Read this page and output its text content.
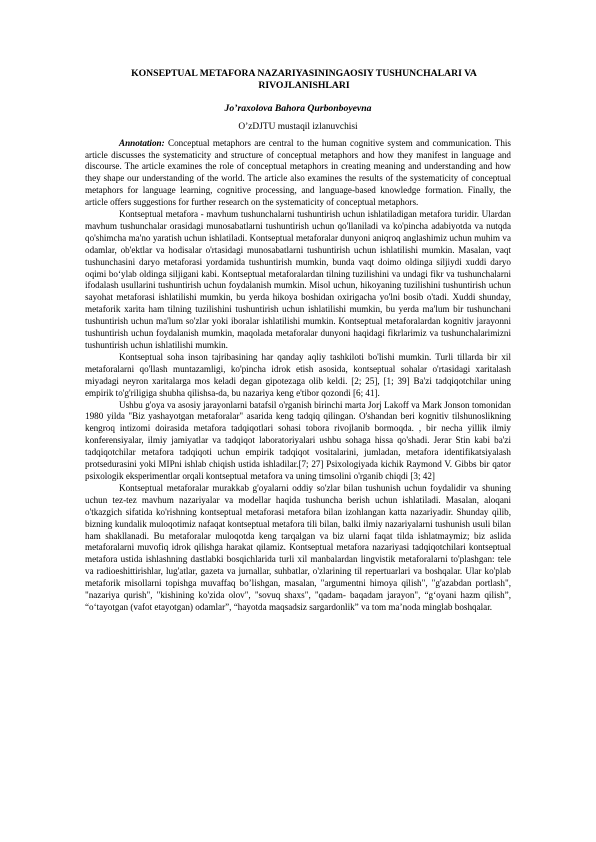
KONSEPTUAL METAFORA NAZARIYASININGAOSIY TUSHUNCHALARI VA RIVOJLANISHLARI
Jo’raxolova Bahora Qurbonboyevna
O’zDJTU mustaqil izlanuvchisi

Annotation: Conceptual metaphors are central to the human cognitive system and communication. This article discusses the systematicity and structure of conceptual metaphors and how they manifest in language and discourse. The article examines the role of conceptual metaphors in creating meaning and understanding and how they shape our understanding of the world. The article also examines the results of the systematicity of conceptual metaphors for language learning, cognitive processing, and language-based knowledge formation. Finally, the article offers suggestions for further research on the systematicity of conceptual metaphors.

Kontseptual metafora - mavhum tushunchalarni tushuntirish uchun ishlatiladigan metafora turidir. Ulardan mavhum tushunchalar orasidagi munosabatlarni tushuntirish uchun qo'llaniladi va ko'pincha adabiyotda va nutqda qo'shimcha ma'no yaratish uchun ishlatiladi. Kontseptual metaforalar dunyoni aniqroq anglashimiz uchun muhim va odamlar, ob'ektlar va hodisalar o'rtasidagi munosabatlarni tushuntirish uchun ishlatilishi mumkin. Masalan, vaqt tushunchasini daryo metaforasi yordamida tushuntirish mumkin, bunda vaqt doimo oldinga siljiydi xuddi daryo oqimi bo‘ylab oldinga siljigani kabi. Kontseptual metaforalardan tilning tuzilishini va undagi fikr va tushunchalarni ifodalash usullarini tushuntirish uchun foydalanish mumkin. Misol uchun, hikoyaning tuzilishini tushuntirish uchun sayohat metaforasi ishlatilishi mumkin, bu yerda hikoya boshidan oxirigacha yo'lni bosib o'tadi. Xuddi shunday, metaforik xarita ham tilning tuzilishini tushuntirish uchun ishlatilishi mumkin, bu yerda ma'lum bir tushunchani tushuntirish uchun ma'lum so'zlar yoki iboralar ishlatilishi mumkin. Kontseptual metaforalardan kognitiv jarayonni tushuntirish uchun foydalanish mumkin, maqolada metaforalar dunyoni haqidagi fikrlarimiz va tushunchalarimizni tushuntirish uchun ishlatilishi mumkin.

Kontseptual soha inson tajribasining har qanday aqliy tashkiloti bo'lishi mumkin. Turli tillarda bir xil metaforalarni qo'llash muntazamligi, ko'pincha idrok etish asosida, kontseptual sohalar o'rtasidagi xaritalash miyadagi neyron xaritalarga mos keladi degan gipotezaga olib keldi. [2; 25], [1; 39] Ba'zi tadqiqotchilar uning empirik to'g'riligiga shubha qilishsa-da, bu nazariya keng e'tibor qozondi [6; 41].

Ushbu g'oya va asosiy jarayonlarni batafsil o'rganish birinchi marta Jorj Lakoff va Mark Jonson tomonidan 1980 yilda "Biz yashayotgan metaforalar" asarida keng tadqiq qilingan. O'shandan beri kognitiv tilshunoslikning kengroq intizomi doirasida metafora tadqiqotlari sohasi tobora rivojlanib bormoqda. , bir necha yillik ilmiy konferensiyalar, ilmiy jamiyatlar va tadqiqot laboratoriyalari ushbu sohaga hissa qo'shadi. Jerar Stin kabi ba'zi tadqiqotchilar metafora tadqiqoti uchun empirik tadqiqot vositalarini, jumladan, metafora identifikatsiyalash protsedurasini yoki MIPni ishlab chiqish ustida ishladilar.[7; 27] Psixologiyada kichik Raymond V. Gibbs bir qator psixologik eksperimentlar orqali kontseptual metafora va uning timsolini o'rganib chiqdi [3; 42]

Kontseptual metaforalar murakkab g'oyalarni oddiy so'zlar bilan tushunish uchun foydalidir va shuning uchun tez-tez mavhum nazariyalar va modellar haqida tushuncha berish uchun ishlatiladi. Masalan, aloqani o'tkazgich sifatida ko'rishning kontseptual metaforasi metafora bilan izohlangan katta nazariyadir. Shunday qilib, bizning kundalik muloqotimiz nafaqat kontseptual metafora tili bilan, balki ilmiy nazariyalarni tushunish usuli bilan ham shakllanadi. Bu metaforalar muloqotda keng tarqalgan va biz ularni faqat tilda ishlatmaymiz; biz aslida metaforalarni muvofiq idrok qilishga harakat qilamiz. Kontseptual metafora nazariyasi tadqiqotchilari kontseptual metafora ustida ishlashning dastlabki bosqichlarida turli xil manbalardan lingvistik metaforalarni to'plashgan: tele va radioeshittirishlar, lug'atlar, gazeta va jurnallar, suhbatlar, o'zlarining til repertuarlari va boshqalar. Ular ko'plab metaforik misollarni topishga muvaffaq bo’lishgan, masalan, "argumentni himoya qilish", "g'azabdan portlash", "nazariya qurish", "kishining ko'zida olov", "sovuq shaxs", "qadam- baqadam jarayon", “g‘oyani hazm qilish”, “o‘tayotgan (vafot etayotgan) odamlar”, “hayotda maqsadsiz sargardonlik” va tom ma’noda minglab boshqalar.
